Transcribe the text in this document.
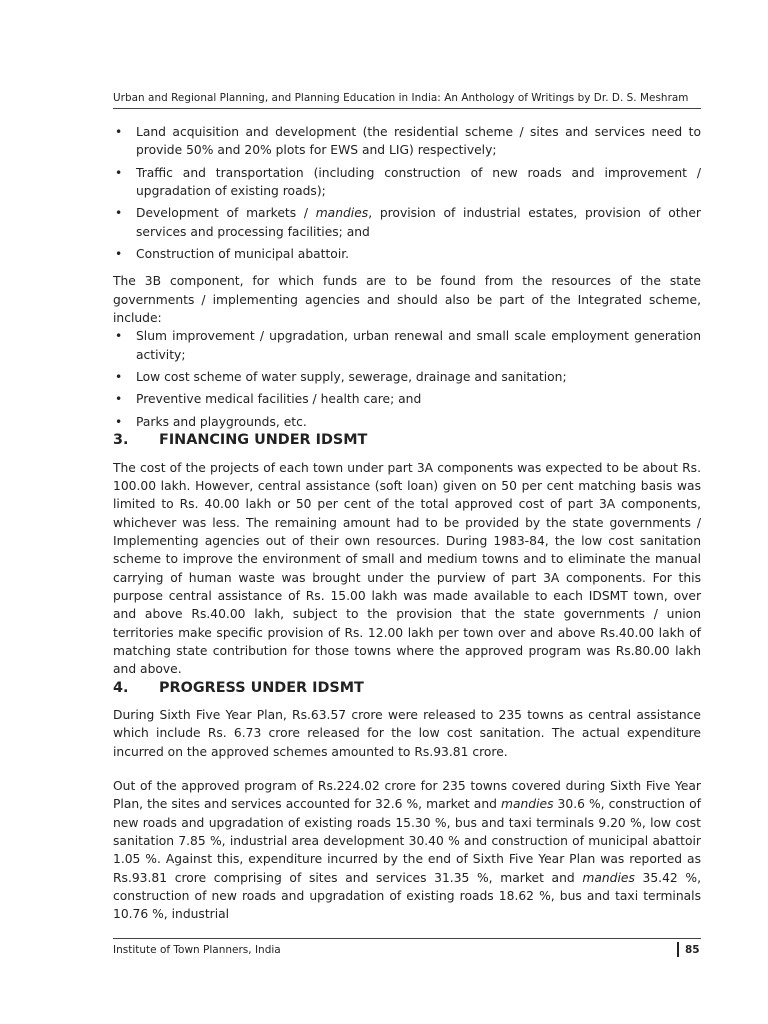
Urban and Regional Planning, and Planning Education in India: An Anthology of Writings by Dr. D. S. Meshram
• Land acquisition and development (the residential scheme / sites and services need to provide 50% and 20% plots for EWS and LIG) respectively;
• Traffic and transportation (including construction of new roads and improvement / upgradation of existing roads);
• Development of markets / mandies, provision of industrial estates, provision of other services and processing facilities; and
• Construction of municipal abattoir.

The 3B component, for which funds are to be found from the resources of the state governments / implementing agencies and should also be part of the Integrated scheme, include:

• Slum improvement / upgradation, urban renewal and small scale employment generation activity;
• Low cost scheme of water supply, sewerage, drainage and sanitation;
• Preventive medical facilities / health care; and
• Parks and playgrounds, etc.
3.	FINANCING UNDER IDSMT

The cost of the projects of each town under part 3A components was expected to be about Rs. 100.00 lakh. However, central assistance (soft loan) given on 50 per cent matching basis was limited to Rs. 40.00 lakh or 50 per cent of the total approved cost of part 3A components, whichever was less. The remaining amount had to be provided by the state governments / Implementing agencies out of their own resources. During 1983-84, the low cost sanitation scheme to improve the environment of small and medium towns and to eliminate the manual carrying of human waste was brought under the purview of part 3A components. For this purpose central assistance of Rs. 15.00 lakh was made available to each IDSMT town, over and above Rs.40.00 lakh, subject to the provision that the state governments / union territories make specific provision of Rs. 12.00 lakh per town over and above Rs.40.00 lakh of matching state contribution for those towns where the approved program was Rs.80.00 lakh and above.

4.	PROGRESS UNDER IDSMT

During Sixth Five Year Plan, Rs.63.57 crore were released to 235 towns as central assistance which include Rs. 6.73 crore released for the low cost sanitation. The actual expenditure incurred on the approved schemes amounted to Rs.93.81 crore.

Out of the approved program of Rs.224.02 crore for 235 towns covered during Sixth Five Year Plan, the sites and services accounted for 32.6 %, market and mandies 30.6 %, construction of new roads and upgradation of existing roads 15.30 %, bus and taxi terminals 9.20 %, low cost sanitation 7.85 %, industrial area development 30.40 % and construction of municipal abattoir 1.05 %. Against this, expenditure incurred by the end of Sixth Five Year Plan was reported as Rs.93.81 crore comprising of sites and services 31.35 %, market and mandies 35.42 %, construction of new roads and upgradation of existing roads 18.62 %, bus and taxi terminals 10.76 %, industrial

Institute of Town Planners, India	85
